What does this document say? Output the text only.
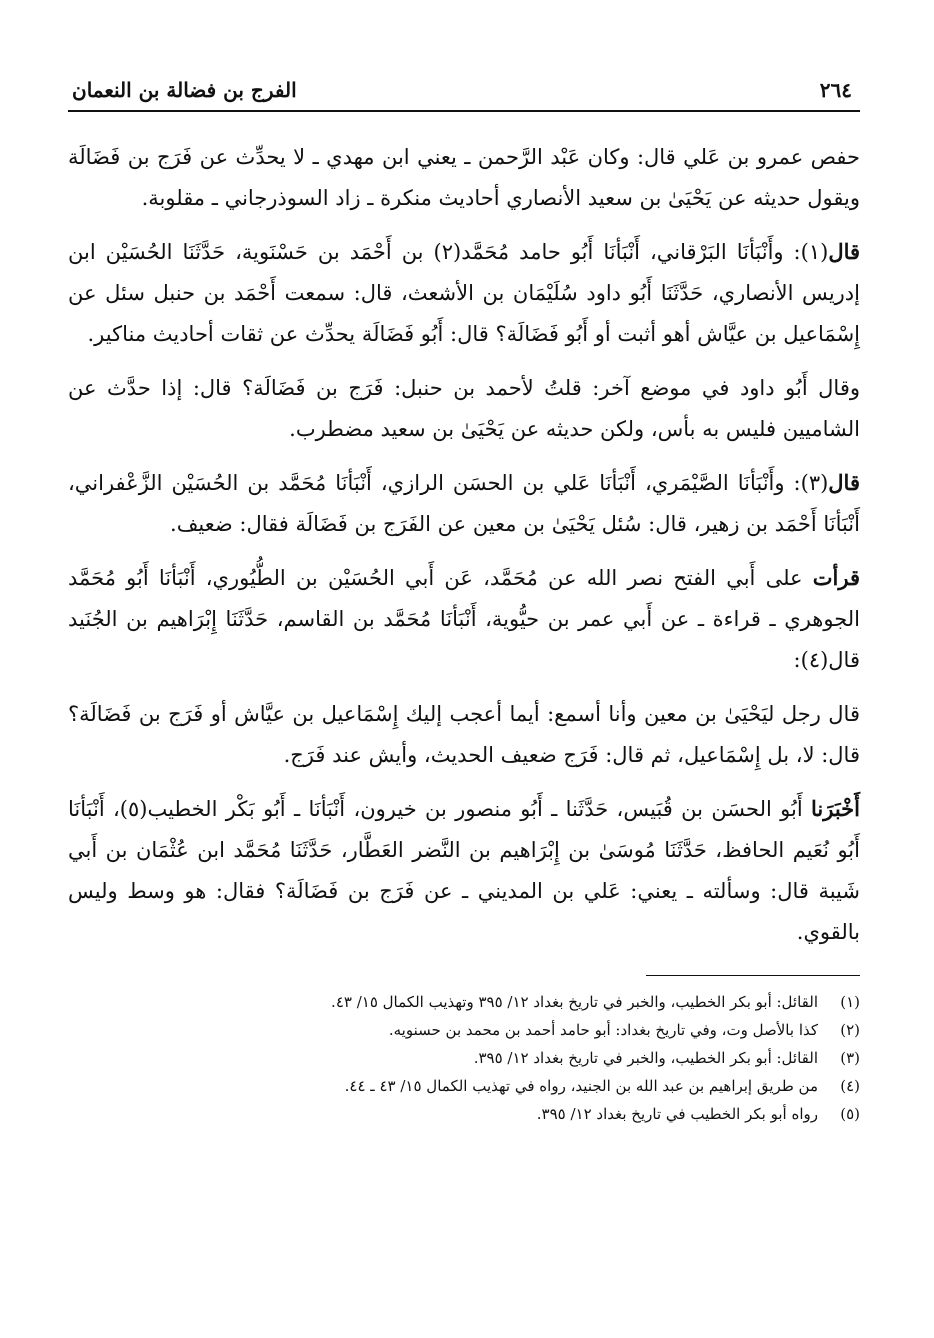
٢٦٤
الفرج بن فضالة بن النعمان

حفص عمرو بن عَلي قال: وكان عَبْد الرَّحمن ـ يعني ابن مهدي ـ لا يحدِّث عن فَرَج بن فَضَالَة ويقول حديثه عن يَحْيَىٰ بن سعيد الأنصاري أحاديث منكرة ـ زاد السوذرجاني ـ مقلوبة.

قال(١): وأَنْبَأنَا البَرْقاني، أَنْبَأنَا أَبُو حامد مُحَمَّد(٢) بن أَحْمَد بن حَسْنَوية، حَدَّثَنَا الحُسَيْن ابن إدريس الأنصاري، حَدَّثَنَا أَبُو داود سُلَيْمَان بن الأشعث، قال: سمعت أَحْمَد بن حنبل سئل عن إِسْمَاعيل بن عيَّاش أهو أثبت أو أَبُو فَضَالَة؟ قال: أَبُو فَضَالَة يحدِّث عن ثقات أحاديث مناكير.

وقال أَبُو داود في موضع آخر: قلتُ لأحمد بن حنبل: فَرَج بن فَضَالَة؟ قال: إذا حدَّث عن الشاميين فليس به بأس، ولكن حديثه عن يَحْيَىٰ بن سعيد مضطرب.

قال(٣): وأَنْبَأنَا الصَّيْمَري، أَنْبَأنَا عَلي بن الحسَن الرازي، أَنْبَأنَا مُحَمَّد بن الحُسَيْن الزَّعْفراني، أَنْبَأنَا أَحْمَد بن زهير، قال: سُئل يَحْيَىٰ بن معين عن الفَرَج بن فَضَالَة فقال: ضعيف.

قرأت على أَبي الفتح نصر الله عن مُحَمَّد، عَن أَبي الحُسَيْن بن الطُّيُوري، أَنْبَأنَا أَبُو مُحَمَّد الجوهري ـ قراءة ـ عن أَبي عمر بن حيُّوية، أَنْبَأنَا مُحَمَّد بن القاسم، حَدَّثَنَا إِبْرَاهيم بن الجُنَيد قال(٤):

قال رجل ليَحْيَىٰ بن معين وأنا أسمع: أيما أعجب إليك إِسْمَاعيل بن عيَّاش أو فَرَج بن فَضَالَة؟ قال: لا، بل إِسْمَاعيل، ثم قال: فَرَج ضعيف الحديث، وأيش عند فَرَج.

أَخْبَرَنا أَبُو الحسَن بن قُبَيس، حَدَّثَنا ـ أَبُو منصور بن خيرون، أَنْبَأنَا ـ أَبُو بَكْر الخطيب(٥)، أَنْبَأنَا أَبُو نُعَيم الحافظ، حَدَّثَنَا مُوسَىٰ بن إِبْرَاهيم بن النَّضر العَطَّار، حَدَّثَنَا مُحَمَّد ابن عُثْمَان بن أَبي شَيبة قال: وسألته ـ يعني: عَلي بن المديني ـ عن فَرَج بن فَضَالَة؟ فقال: هو وسط وليس بالقوي.

(١)
القائل: أبو بكر الخطيب، والخبر في تاريخ بغداد ١٢/ ٣٩٥ وتهذيب الكمال ١٥/ ٤٣.
(٢)
كذا بالأصل وت، وفي تاريخ بغداد: أبو حامد أحمد بن محمد بن حسنويه.
(٣)
القائل: أبو بكر الخطيب، والخبر في تاريخ بغداد ١٢/ ٣٩٥.
(٤)
من طريق إبراهيم بن عبد الله بن الجنيد، رواه في تهذيب الكمال ١٥/ ٤٣ ـ ٤٤.
(٥)
رواه أبو بكر الخطيب في تاريخ بغداد ١٢/ ٣٩٥.
